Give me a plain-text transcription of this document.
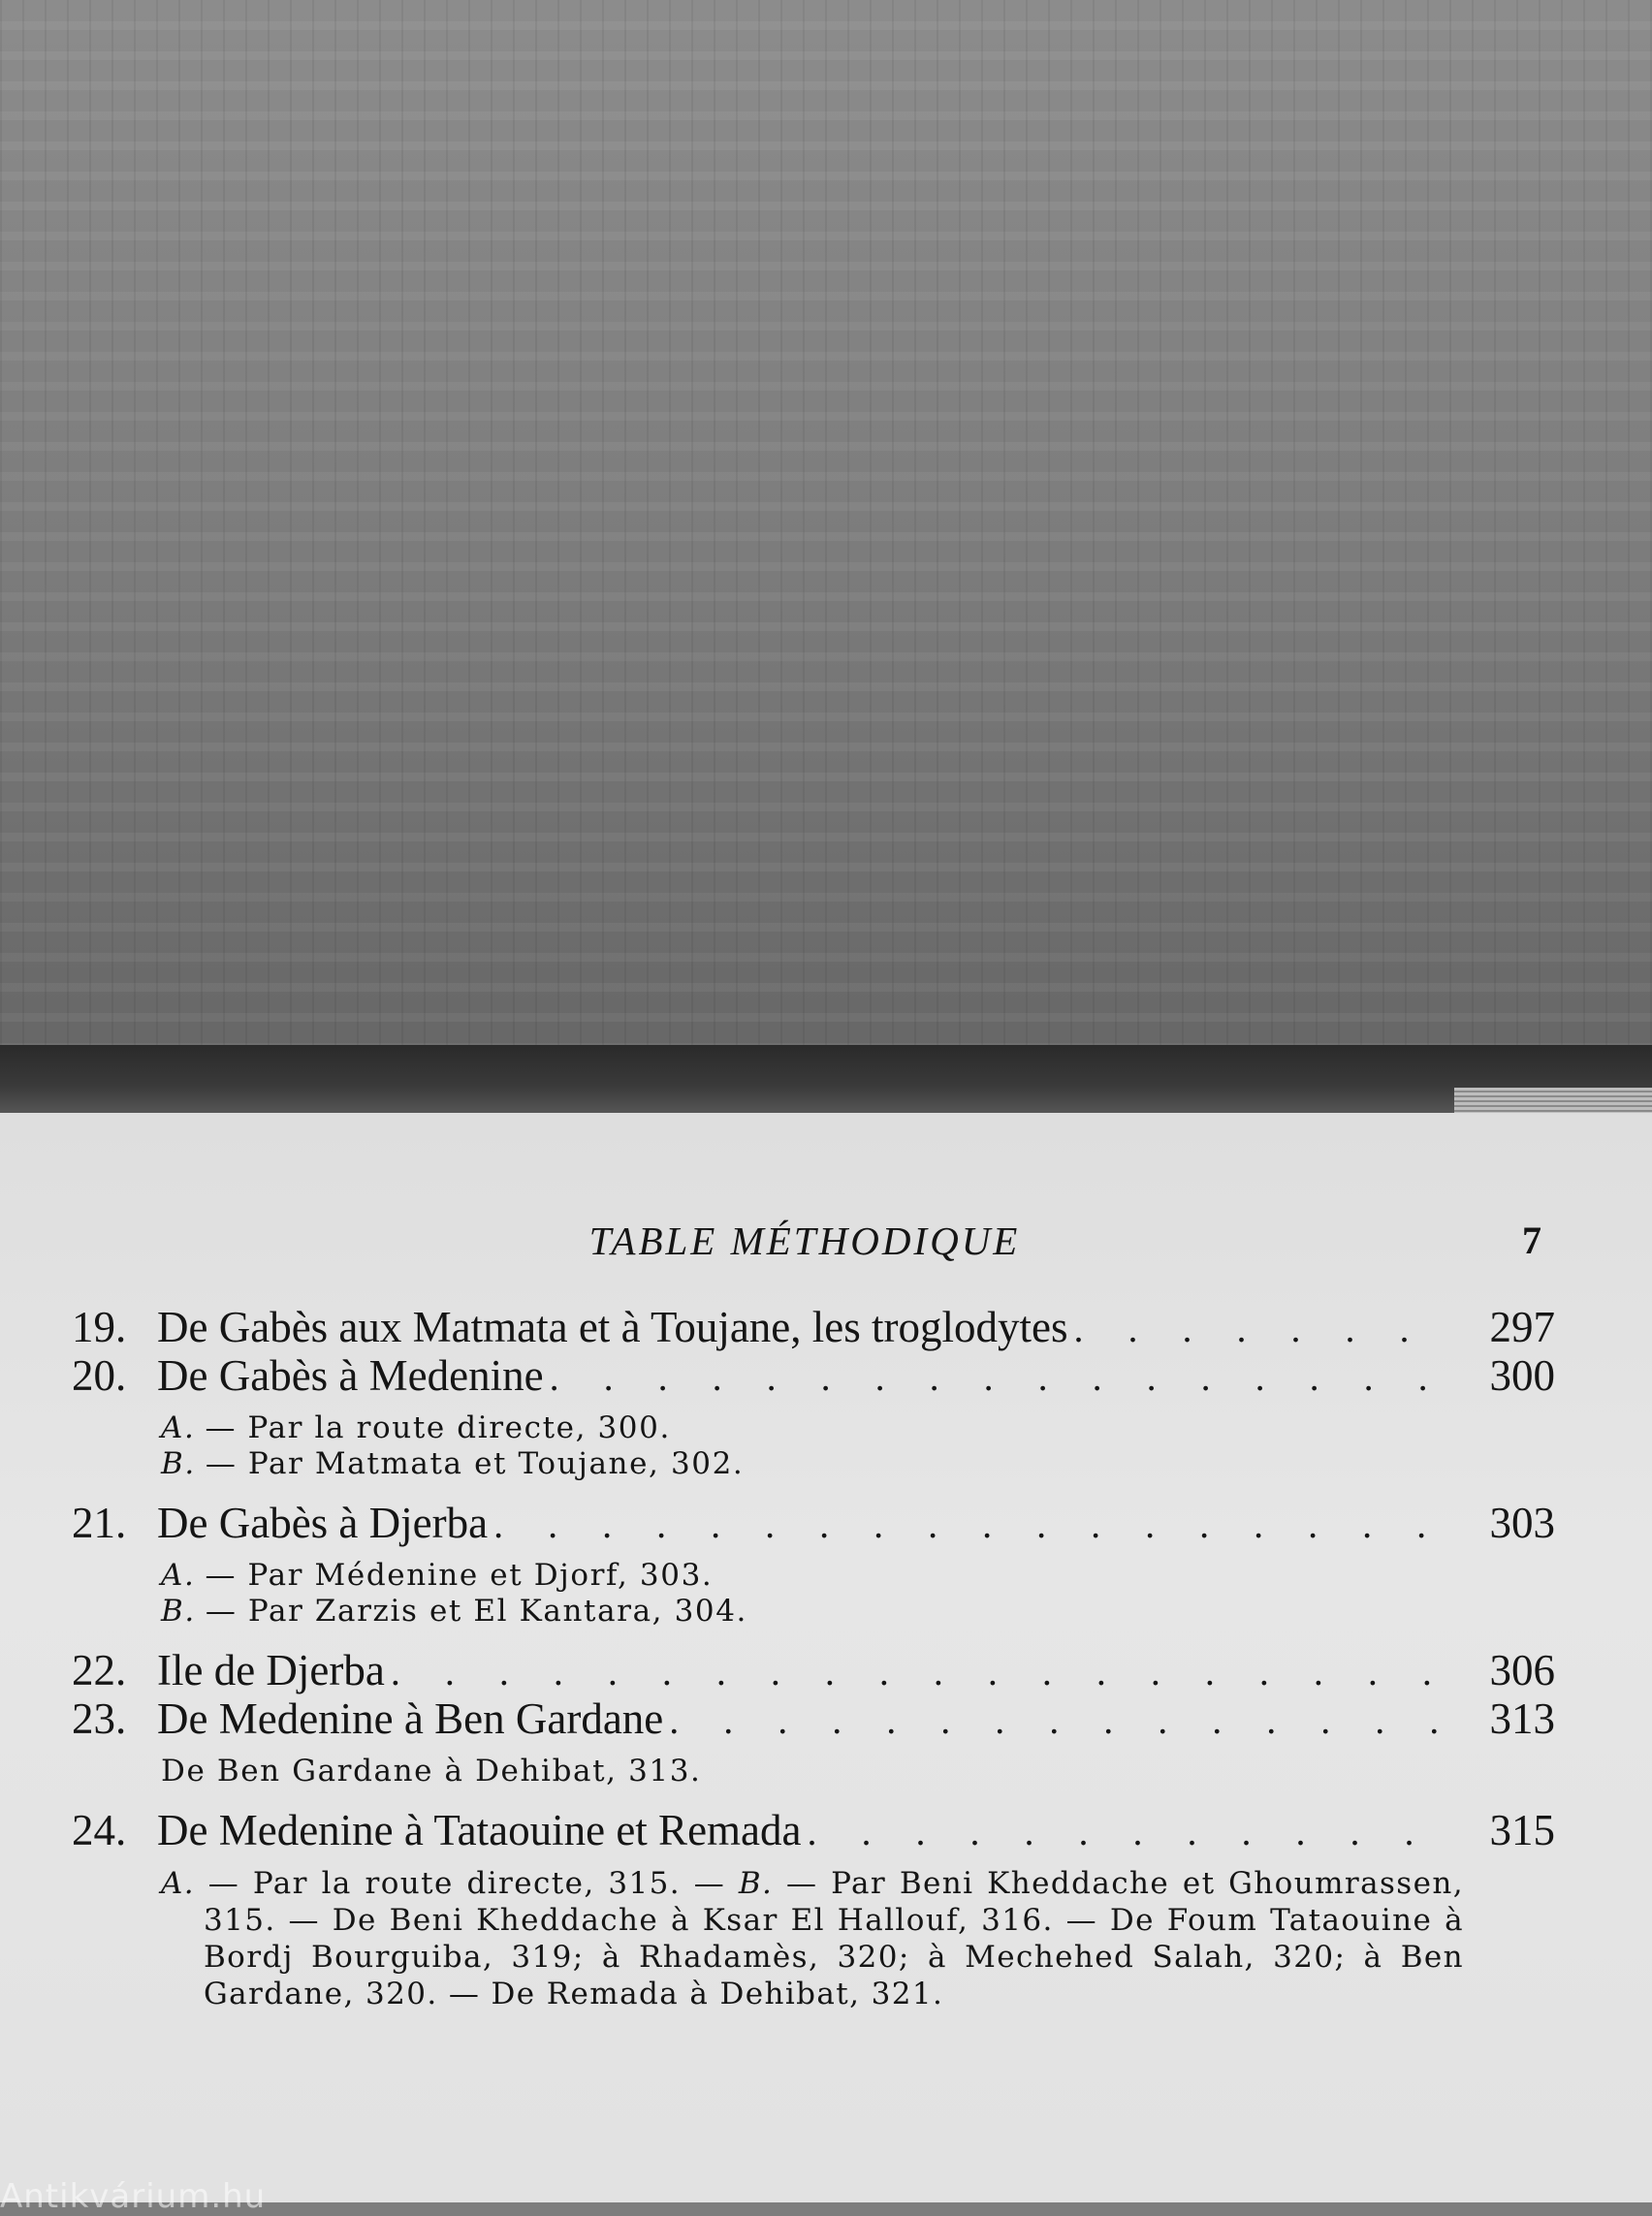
TABLE MÉTHODIQUE	7
19. De Gabès aux Matmata et à Toujane, les troglodytes . . .	297
20. De Gabès à Medenine . . .	300
A. — Par la route directe, 300.
B. — Par Matmata et Toujane, 302.
21. De Gabès à Djerba . . .	303
A. — Par Médenine et Djorf, 303.
B. — Par Zarzis et El Kantara, 304.
22. Ile de Djerba . . .	306
23. De Medenine à Ben Gardane . . .	313
De Ben Gardane à Dehibat, 313.
24. De Medenine à Tataouine et Remada . . .	315
A. — Par la route directe, 315. — B. — Par Beni Kheddache et Ghoumrassen, 315. — De Beni Kheddache à Ksar El Hallouf, 316. — De Foum Tataouine à Bordj Bourguiba, 319; à Rhadamès, 320; à Mechehed Salah, 320; à Ben Gardane, 320. — De Remada à Dehibat, 321.
Antikvárium.hu
